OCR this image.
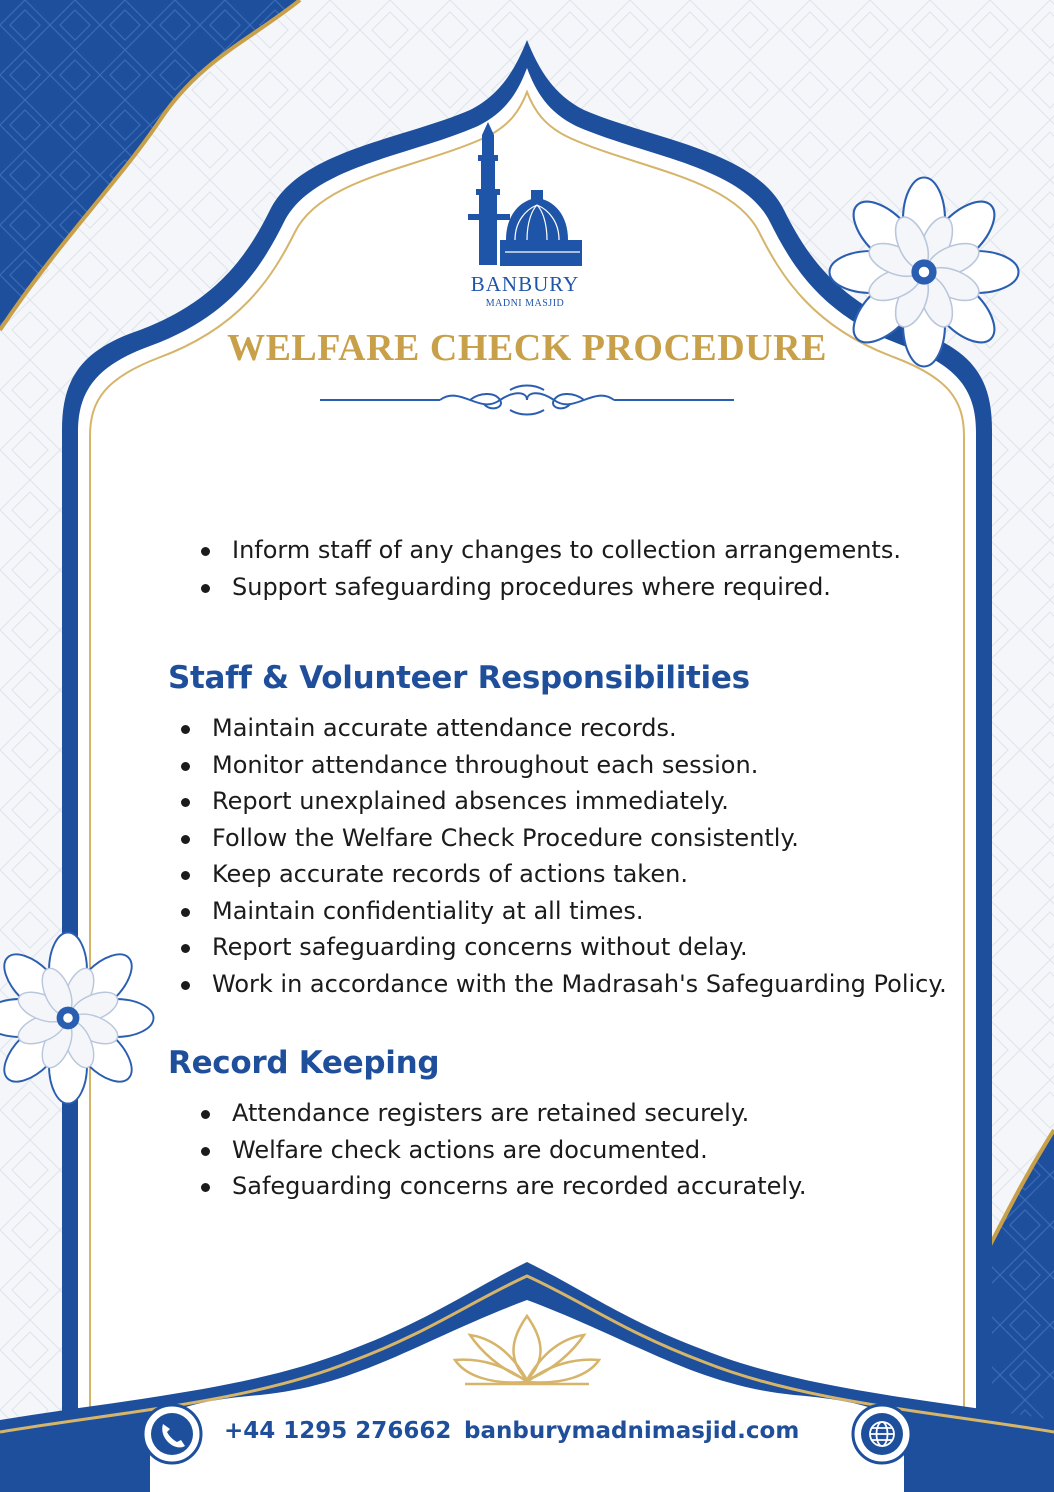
BANBURY
MADNI MASJID
WELFARE CHECK PROCEDURE
Inform staff of any changes to collection arrangements.
Support safeguarding procedures where required.
Staff & Volunteer Responsibilities
Maintain accurate attendance records.
Monitor attendance throughout each session.
Report unexplained absences immediately.
Follow the Welfare Check Procedure consistently.
Keep accurate records of actions taken.
Maintain confidentiality at all times.
Report safeguarding concerns without delay.
Work in accordance with the Madrasah's Safeguarding Policy.
Record Keeping
Attendance registers are retained securely.
Welfare check actions are documented.
Safeguarding concerns are recorded accurately.
+44 1295 276662 banburymadnimasjid.com
